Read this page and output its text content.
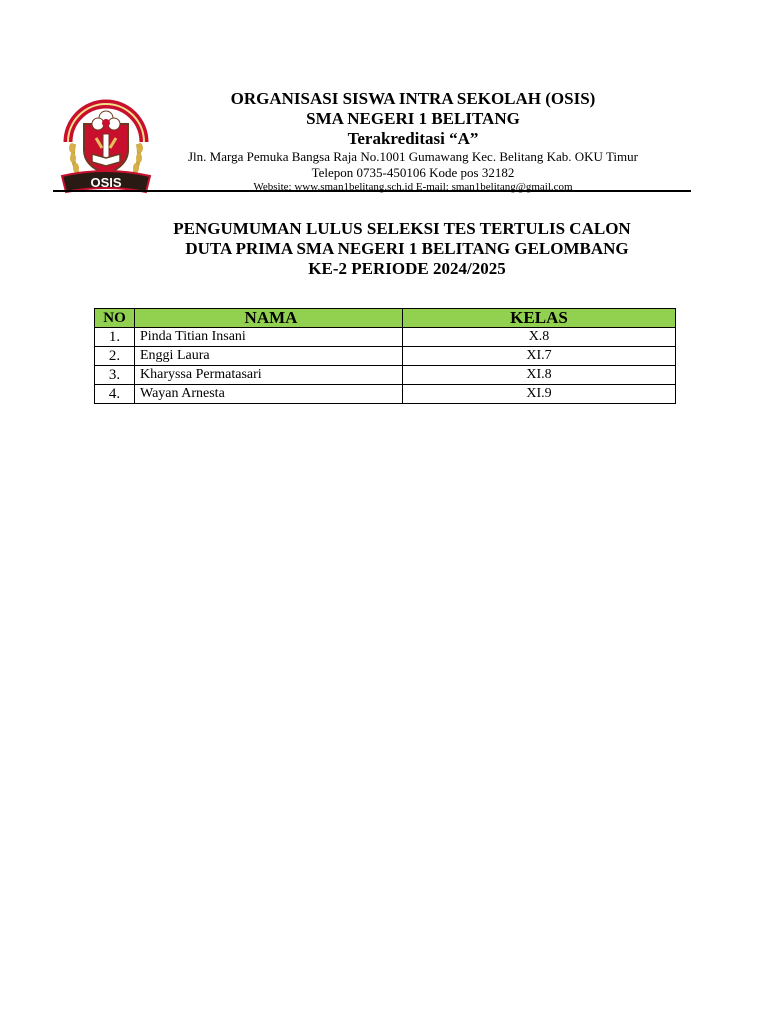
OSIS

ORGANISASI SISWA INTRA SEKOLAH (OSIS)

SMA NEGERI 1 BELITANG

Terakreditasi “A”

Jln. Marga Pemuka Bangsa Raja No.1001 Gumawang Kec. Belitang Kab. OKU Timur

Telepon 0735-450106 Kode pos 32182

Website: www.sman1belitang.sch.id E-mail: sman1belitang@gmail.com

PENGUMUMAN LULUS SELEKSI TES TERTULIS CALON
DUTA PRIMA SMA NEGERI 1 BELITANG GELOMBANG
KE-2 PERIODE 2024/2025
NO	NAMA	KELAS
1.	Pinda Titian Insani	X.8
2.	Enggi Laura	XI.7
3.	Kharyssa Permatasari	XI.8
4.	Wayan Arnesta	XI.9
